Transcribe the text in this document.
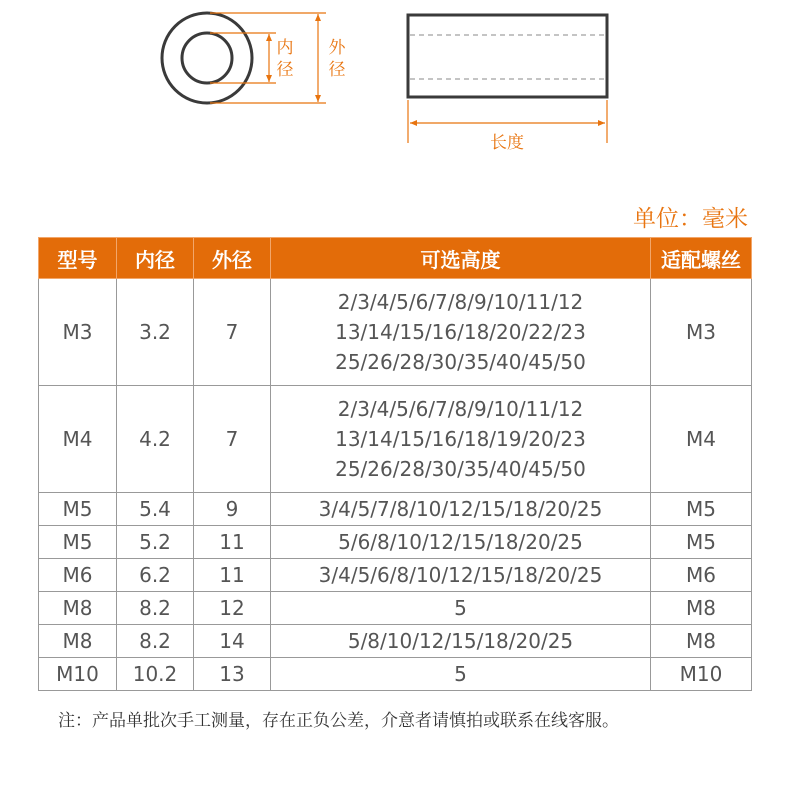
内
径
外
径
长度
单位：毫米
型号	内径	外径	可选高度	适配螺丝
M3	3.2	7	2/3/4/5/6/7/8/9/10/11/12
13/14/15/16/18/20/22/23
25/26/28/30/35/40/45/50	M3
M4	4.2	7	2/3/4/5/6/7/8/9/10/11/12
13/14/15/16/18/19/20/23
25/26/28/30/35/40/45/50	M4
M5	5.4	9	3/4/5/7/8/10/12/15/18/20/25	M5
M5	5.2	11	5/6/8/10/12/15/18/20/25	M5
M6	6.2	11	3/4/5/6/8/10/12/15/18/20/25	M6
M8	8.2	12	5	M8
M8	8.2	14	5/8/10/12/15/18/20/25	M8
M10	10.2	13	5	M10
注：产品单批次手工测量，存在正负公差，介意者请慎拍或联系在线客服。
